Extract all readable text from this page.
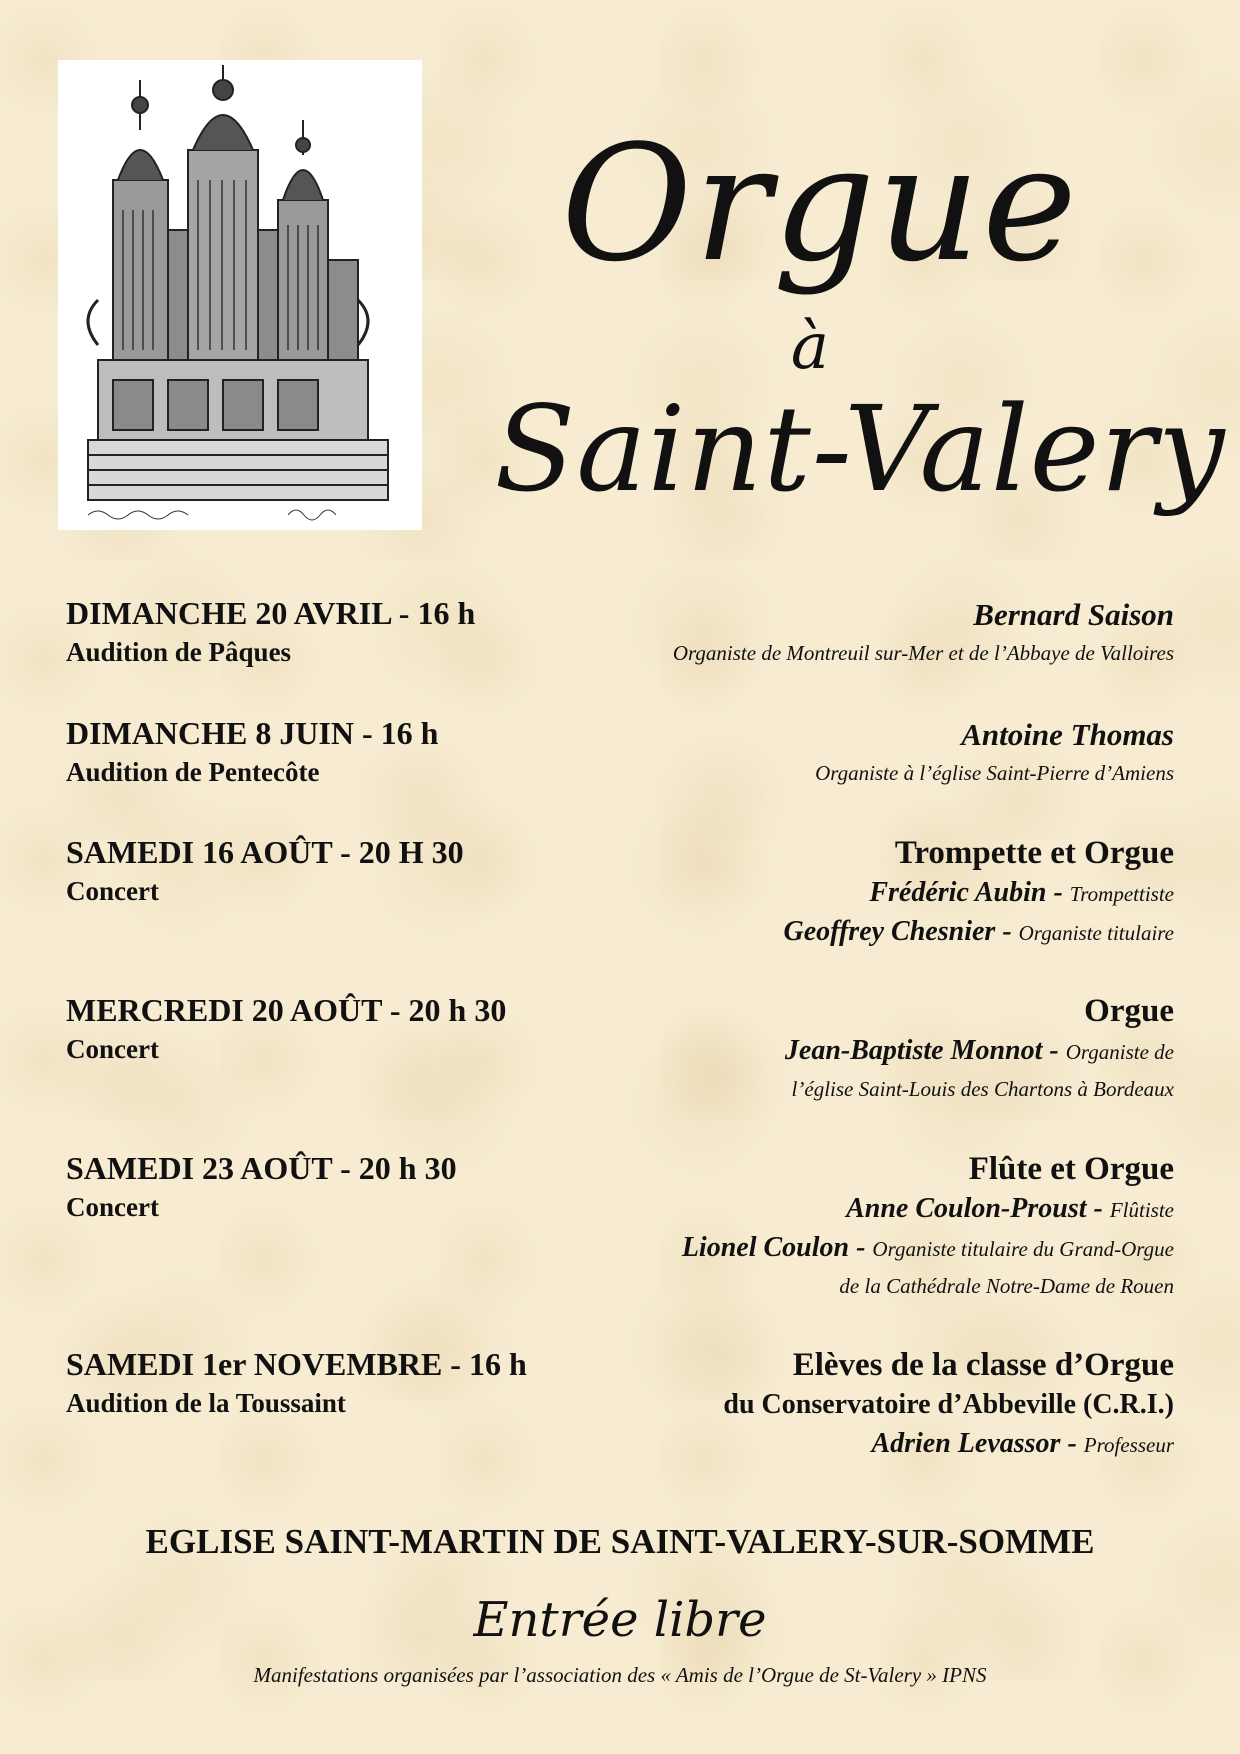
Orgue
à
Saint-Valery
DIMANCHE 20 AVRIL - 16 h
Audition de Pâques
Bernard Saison
Organiste de Montreuil sur-Mer et de l’Abbaye de Valloires
DIMANCHE 8 JUIN - 16 h
Audition de Pentecôte
Antoine Thomas
Organiste à l’église Saint-Pierre d’Amiens
SAMEDI 16 AOÛT - 20 H 30
Concert
Trompette et Orgue
Frédéric Aubin - Trompettiste
Geoffrey Chesnier - Organiste titulaire
MERCREDI 20 AOÛT - 20 h 30
Concert
Orgue
Jean-Baptiste Monnot - Organiste de
l’église Saint-Louis des Chartons à Bordeaux
SAMEDI 23 AOÛT - 20 h 30
Concert
Flûte et Orgue
Anne Coulon-Proust - Flûtiste
Lionel Coulon - Organiste titulaire du Grand-Orgue
de la Cathédrale Notre-Dame de Rouen
SAMEDI 1er NOVEMBRE - 16 h
Audition de la Toussaint
Elèves de la classe d’Orgue
du Conservatoire d’Abbeville (C.R.I.)
Adrien Levassor - Professeur
EGLISE SAINT-MARTIN DE SAINT-VALERY-SUR-SOMME
Entrée libre
Manifestations organisées par l’association des « Amis de l’Orgue de St-Valery » IPNS
